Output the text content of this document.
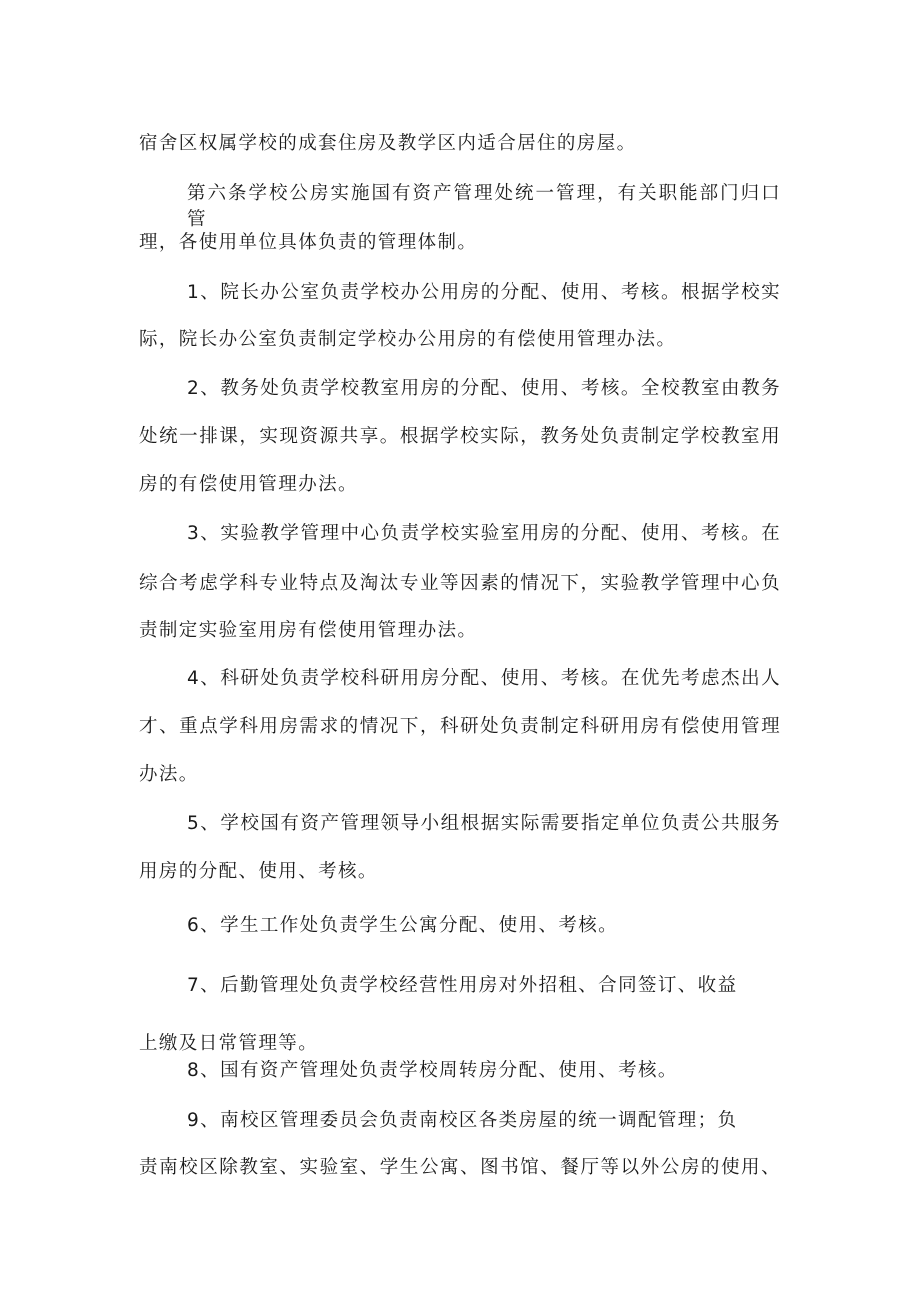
宿舍区权属学校的成套住房及教学区内适合居住的房屋。
第六条学校公房实施国有资产管理处统一管理，有关职能部门归口管
理，各使用单位具体负责的管理体制。
1、院长办公室负责学校办公用房的分配、使用、考核。根据学校实
际，院长办公室负责制定学校办公用房的有偿使用管理办法。
2、教务处负责学校教室用房的分配、使用、考核。全校教室由教务
处统一排课，实现资源共享。根据学校实际，教务处负责制定学校教室用
房的有偿使用管理办法。
3、实验教学管理中心负责学校实验室用房的分配、使用、考核。在
综合考虑学科专业特点及淘汰专业等因素的情况下，实验教学管理中心负
责制定实验室用房有偿使用管理办法。
4、科研处负责学校科研用房分配、使用、考核。在优先考虑杰出人
才、重点学科用房需求的情况下，科研处负责制定科研用房有偿使用管理
办法。
5、学校国有资产管理领导小组根据实际需要指定单位负责公共服务
用房的分配、使用、考核。
6、学生工作处负责学生公寓分配、使用、考核。
7、后勤管理处负责学校经营性用房对外招租、合同签订、收益
上缴及日常管理等。
8、国有资产管理处负责学校周转房分配、使用、考核。
9、南校区管理委员会负责南校区各类房屋的统一调配管理；负
责南校区除教室、实验室、学生公寓、图书馆、餐厅等以外公房的使用、
